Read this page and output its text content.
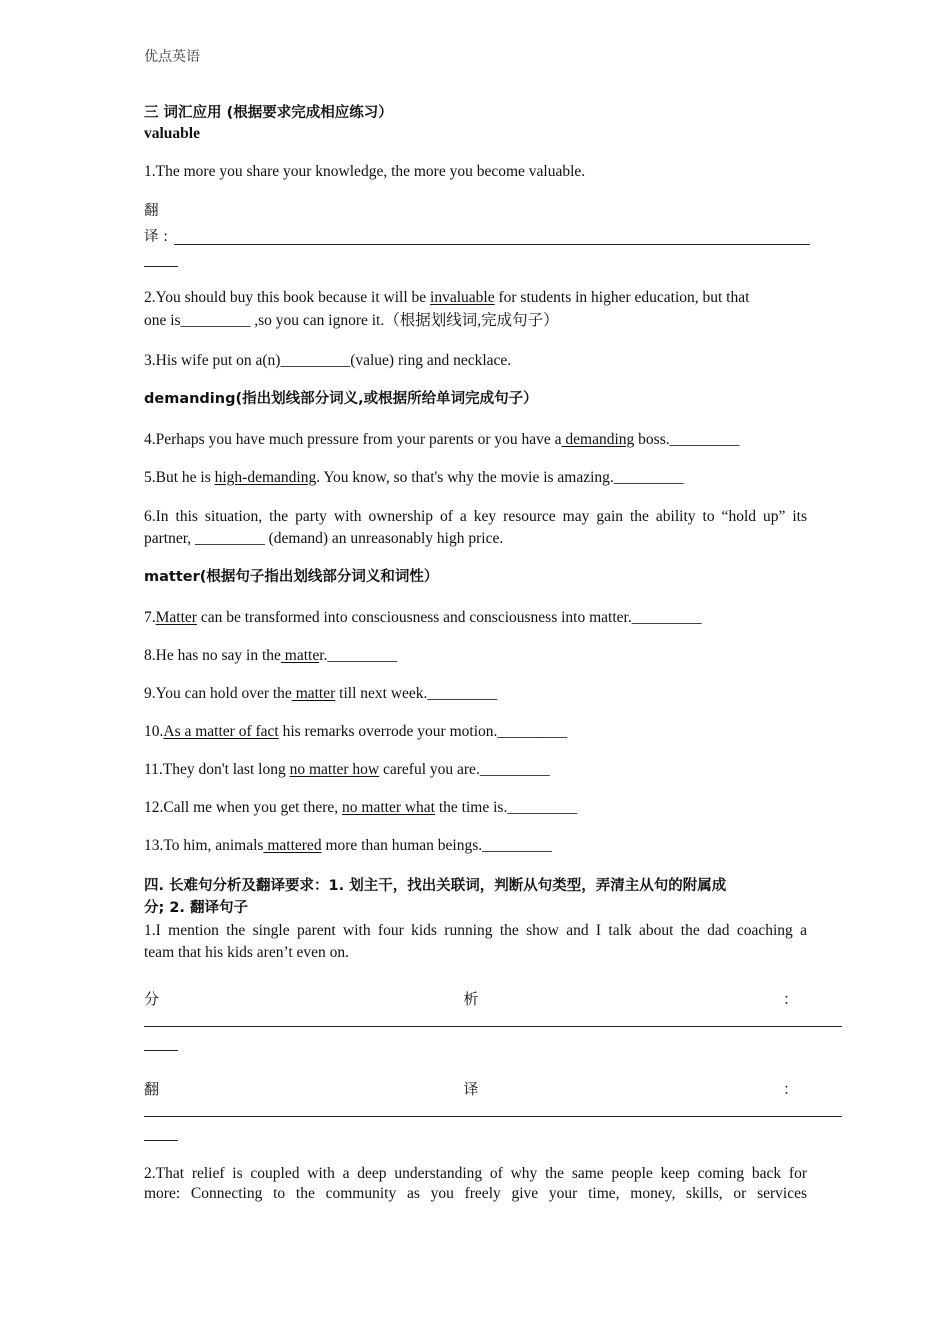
优点英语
三 词汇应用 (根据要求完成相应练习）
valuable
1.The more you share your knowledge, the more you become valuable.
翻
译 :
2.You should buy this book because it will be invaluable for students in higher education, but that
one is_________ ,so you can ignore it.（根据划线词,完成句子）
3.His wife put on a(n)_________(value) ring and necklace.
demanding(指出划线部分词义,或根据所给单词完成句子）
4.Perhaps you have much pressure from your parents or you have a demanding boss._________
5.But he is high-demanding. You know, so that's why the movie is amazing._________
6.In this situation, the party with ownership of a key resource may gain the ability to “hold up” its
partner, _________ (demand) an unreasonably high price.
matter(根据句子指出划线部分词义和词性）
7.Matter can be transformed into consciousness and consciousness into matter._________
8.He has no say in the matter._________
9.You can hold over the matter till next week._________
10.As a matter of fact his remarks overrode your motion._________
11.They don't last long no matter how careful you are._________
12.Call me when you get there, no matter what the time is._________
13.To him, animals mattered more than human beings._________
四. 长难句分析及翻译要求：1. 划主干，找出关联词，判断从句类型，弄清主从句的附属成
分; 2. 翻译句子
1.I mention the single parent with four kids running the show and I talk about the dad coaching a
team that his kids aren’t even on.
分	析	：
翻	译	：
2.That relief is coupled with a deep understanding of why the same people keep coming back for
more: Connecting to the community as you freely give your time, money, skills, or services
